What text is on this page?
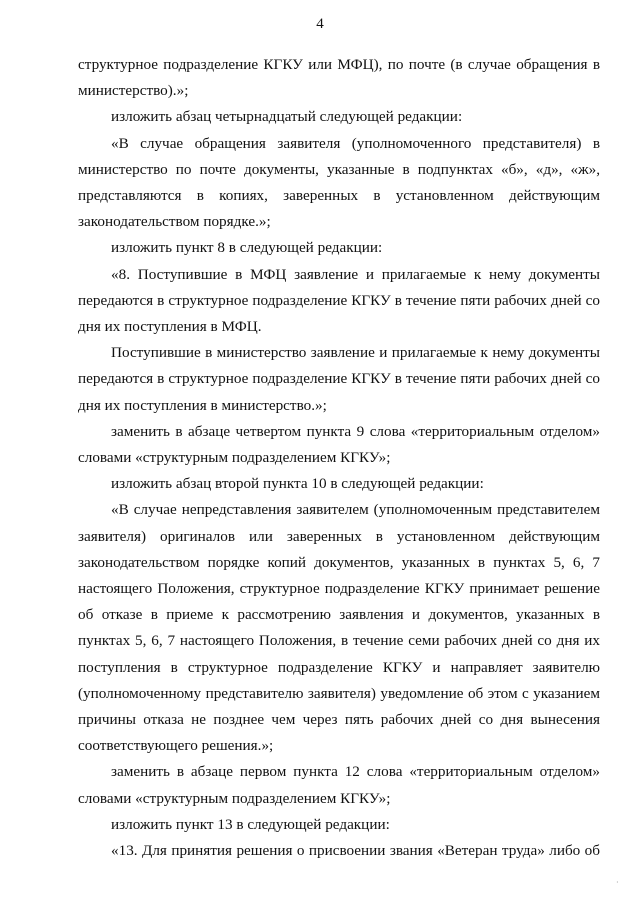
4

структурное подразделение КГКУ или МФЦ), по почте (в случае обращения в министерство).»;

изложить абзац четырнадцатый следующей редакции:

«В случае обращения заявителя (уполномоченного представителя) в министерство по почте документы, указанные в подпунктах «б», «д», «ж», представляются в копиях, заверенных в установленном действующим законодательством порядке.»;

изложить пункт 8 в следующей редакции:

«8. Поступившие в МФЦ заявление и прилагаемые к нему документы передаются в структурное подразделение КГКУ в течение пяти рабочих дней со дня их поступления в МФЦ.

Поступившие в министерство заявление и прилагаемые к нему документы передаются в структурное подразделение КГКУ в течение пяти рабочих дней со дня их поступления в министерство.»;

заменить в абзаце четвертом пункта 9 слова «территориальным отделом» словами «структурным подразделением КГКУ»;

изложить абзац второй пункта 10 в следующей редакции:

«В случае непредставления заявителем (уполномоченным представителем заявителя) оригиналов или заверенных в установленном действующим законодательством порядке копий документов, указанных в пунктах 5, 6, 7 настоящего Положения, структурное подразделение КГКУ принимает решение об отказе в приеме к рассмотрению заявления и документов, указанных в пунктах 5, 6, 7 настоящего Положения, в течение семи рабочих дней со дня их поступления в структурное подразделение КГКУ и направляет заявителю (уполномоченному представителю заявителя) уведомление об этом с указанием причины отказа не позднее чем через пять рабочих дней со дня вынесения соответствующего решения.»;

заменить в абзаце первом пункта 12 слова «территориальным отделом» словами «структурным подразделением КГКУ»;

изложить пункт 13 в следующей редакции:

«13. Для принятия решения о присвоении звания «Ветеран труда» либо об

·
